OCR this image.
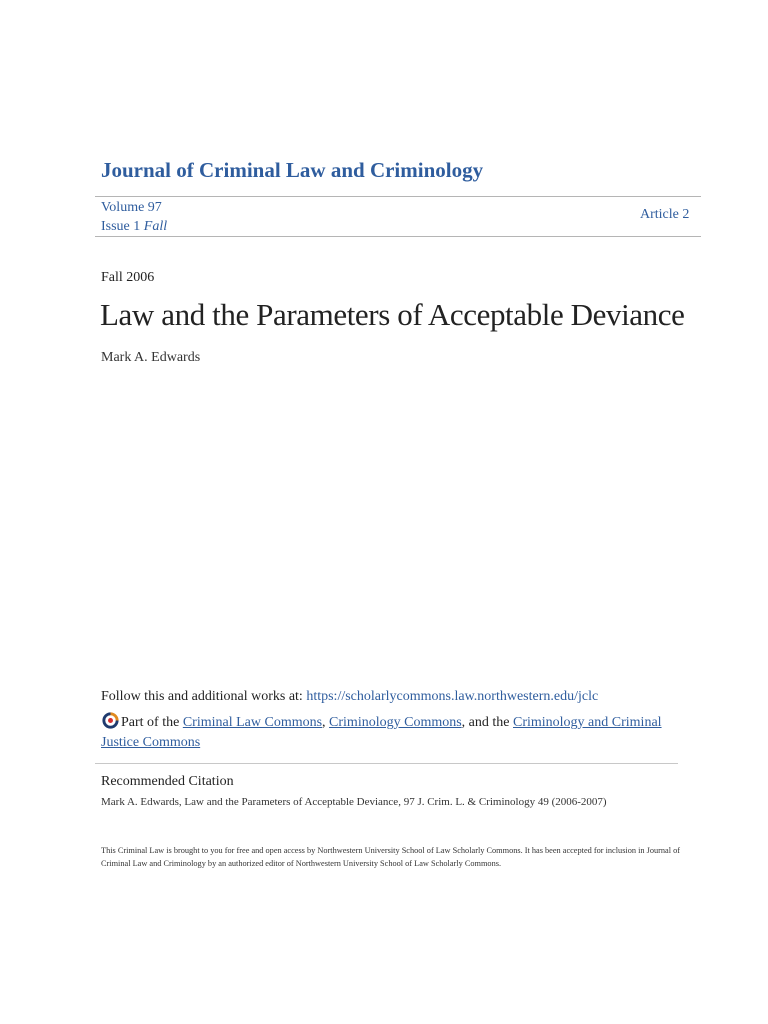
Journal of Criminal Law and Criminology
Volume 97
Issue 1 Fall
Article 2
Fall 2006
Law and the Parameters of Acceptable Deviance
Mark A. Edwards
Follow this and additional works at: https://scholarlycommons.law.northwestern.edu/jclc
Part of the Criminal Law Commons, Criminology Commons, and the Criminology and Criminal Justice Commons
Recommended Citation
Mark A. Edwards, Law and the Parameters of Acceptable Deviance, 97 J. Crim. L. & Criminology 49 (2006-2007)
This Criminal Law is brought to you for free and open access by Northwestern University School of Law Scholarly Commons. It has been accepted for inclusion in Journal of Criminal Law and Criminology by an authorized editor of Northwestern University School of Law Scholarly Commons.
